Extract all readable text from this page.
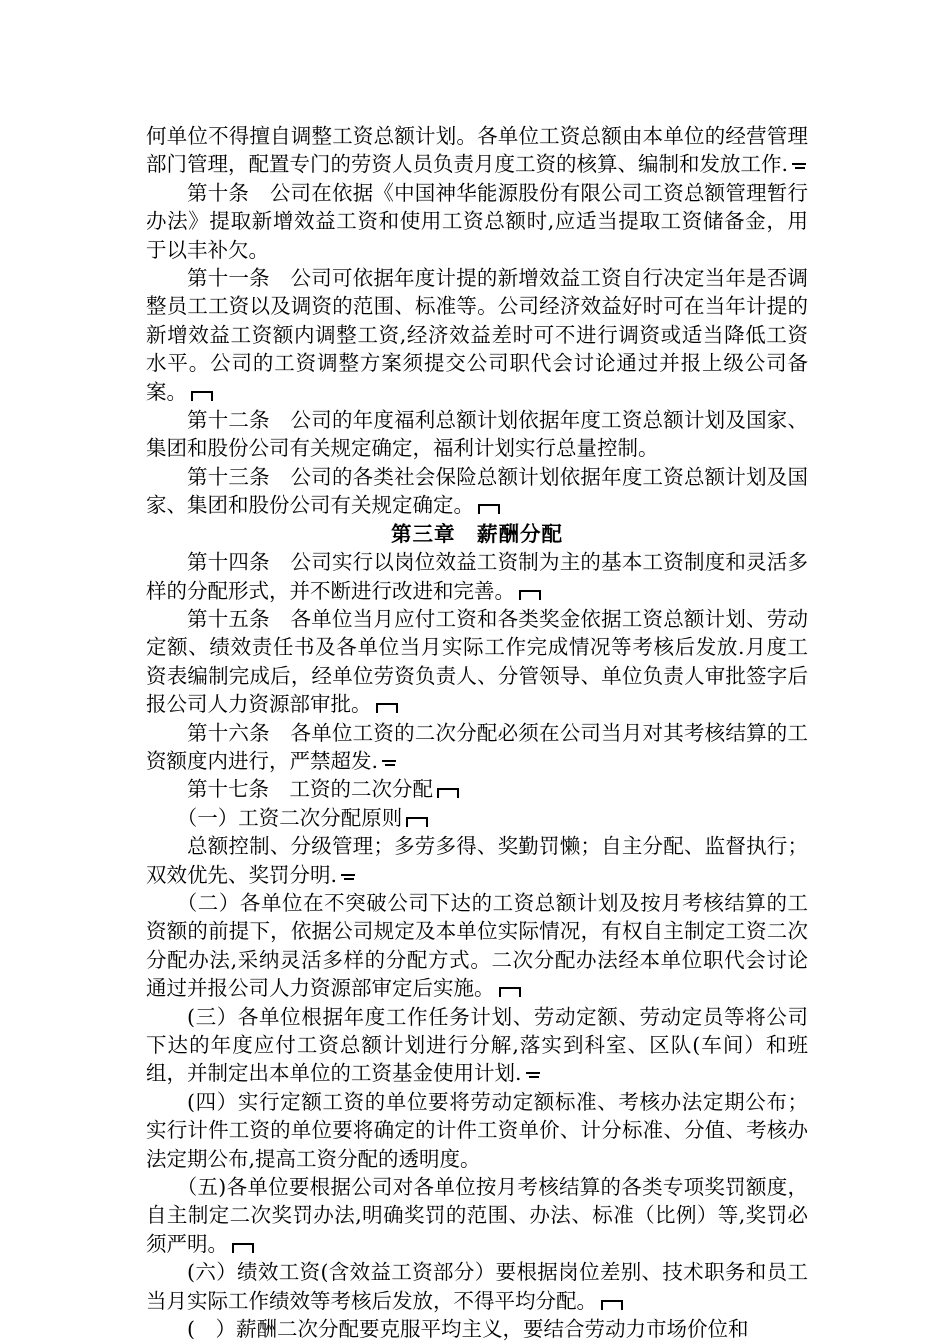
何单位不得擅自调整工资总额计划。各单位工资总额由本单位的经营管理部门管理，配置专门的劳资人员负责月度工资的核算、编制和发放工作.

第十条　公司在依据《中国神华能源股份有限公司工资总额管理暂行办法》提取新增效益工资和使用工资总额时,应适当提取工资储备金，用于以丰补欠。

第十一条　公司可依据年度计提的新增效益工资自行决定当年是否调整员工工资以及调资的范围、标准等。公司经济效益好时可在当年计提的新增效益工资额内调整工资,经济效益差时可不进行调资或适当降低工资水平。公司的工资调整方案须提交公司职代会讨论通过并报上级公司备案。

第十二条　公司的年度福利总额计划依据年度工资总额计划及国家、集团和股份公司有关规定确定，福利计划实行总量控制。

第十三条　公司的各类社会保险总额计划依据年度工资总额计划及国家、集团和股份公司有关规定确定。

第三章　薪酬分配

第十四条　公司实行以岗位效益工资制为主的基本工资制度和灵活多样的分配形式，并不断进行改进和完善。

第十五条　各单位当月应付工资和各类奖金依据工资总额计划、劳动定额、绩效责任书及各单位当月实际工作完成情况等考核后发放.月度工资表编制完成后，经单位劳资负责人、分管领导、单位负责人审批签字后报公司人力资源部审批。

第十六条　各单位工资的二次分配必须在公司当月对其考核结算的工资额度内进行，严禁超发.

第十七条　工资的二次分配

（一）工资二次分配原则

总额控制、分级管理；多劳多得、奖勤罚懒；自主分配、监督执行；双效优先、奖罚分明.

（二）各单位在不突破公司下达的工资总额计划及按月考核结算的工资额的前提下，依据公司规定及本单位实际情况，有权自主制定工资二次分配办法,采纳灵活多样的分配方式。二次分配办法经本单位职代会讨论通过并报公司人力资源部审定后实施。

(三）各单位根据年度工作任务计划、劳动定额、劳动定员等将公司下达的年度应付工资总额计划进行分解,落实到科室、区队(车间）和班组，并制定出本单位的工资基金使用计划.

(四）实行定额工资的单位要将劳动定额标准、考核办法定期公布；实行计件工资的单位要将确定的计件工资单价、计分标准、分值、考核办法定期公布,提高工资分配的透明度。

（五)各单位要根据公司对各单位按月考核结算的各类专项奖罚额度，自主制定二次奖罚办法,明确奖罚的范围、办法、标准（比例）等,奖罚必须严明。

(六）绩效工资(含效益工资部分）要根据岗位差别、技术职务和员工当月实际工作绩效等考核后发放，不得平均分配。

(　）薪酬二次分配要克服平均主义，要结合劳动力市场价位和
